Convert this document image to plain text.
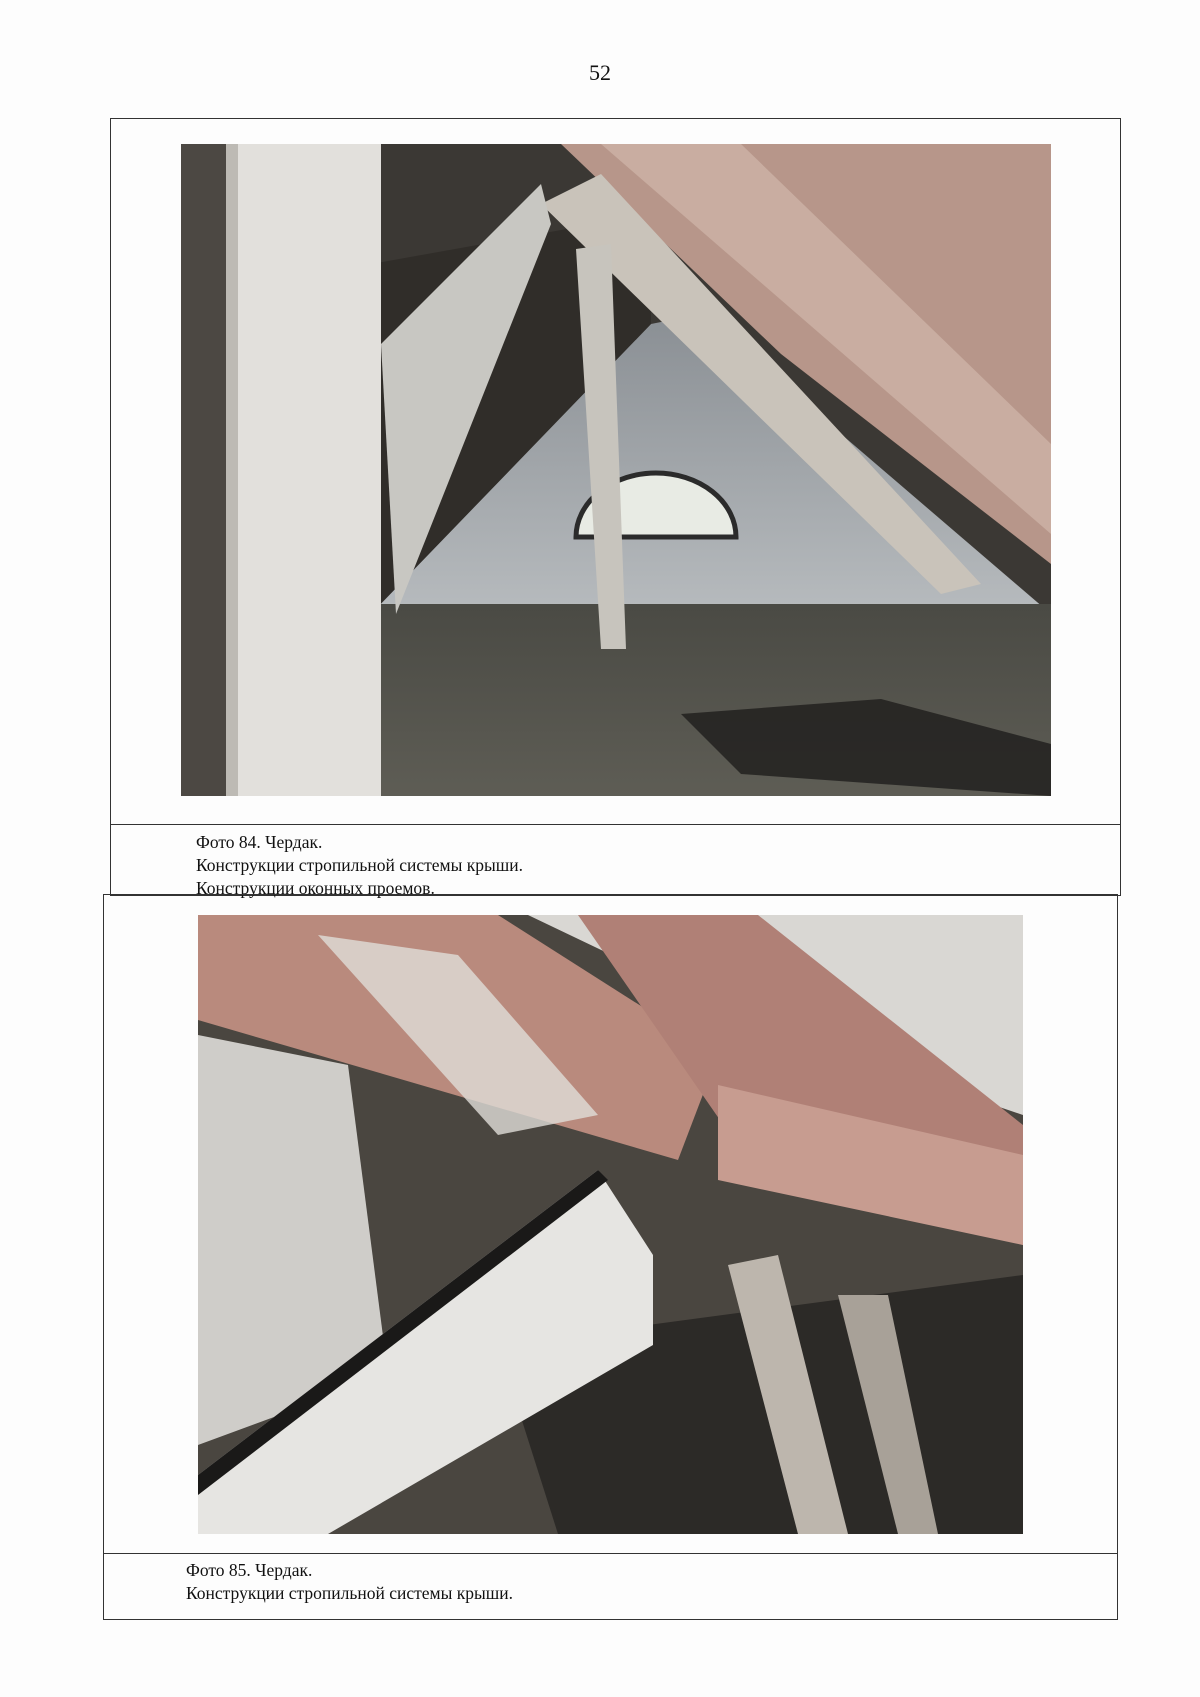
52
Фото 84. Чердак.
Конструкции стропильной системы крыши.
Конструкции оконных проемов.
Фото 85. Чердак.
Конструкции стропильной системы крыши.
